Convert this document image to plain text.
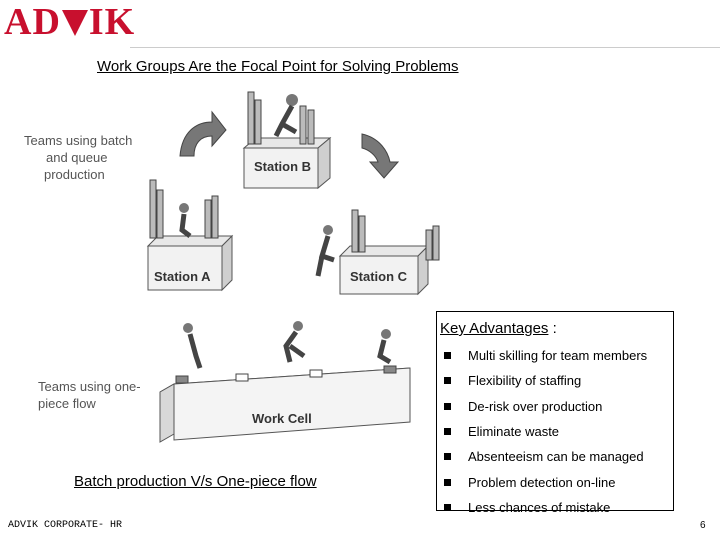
AD IK
Work Groups Are the Focal Point for Solving Problems
Teams using batch
and queue
production
Teams using one-
piece flow
Station B
Station A	Station C
Work Cell
Batch production V/s One-piece flow
Key Advantages :
Multi skilling for team members
Flexibility of staffing
De-risk over production
Eliminate waste
Absenteeism can be managed
Problem detection on-line
Less chances of mistake
ADVIK CORPORATE- HR	6
